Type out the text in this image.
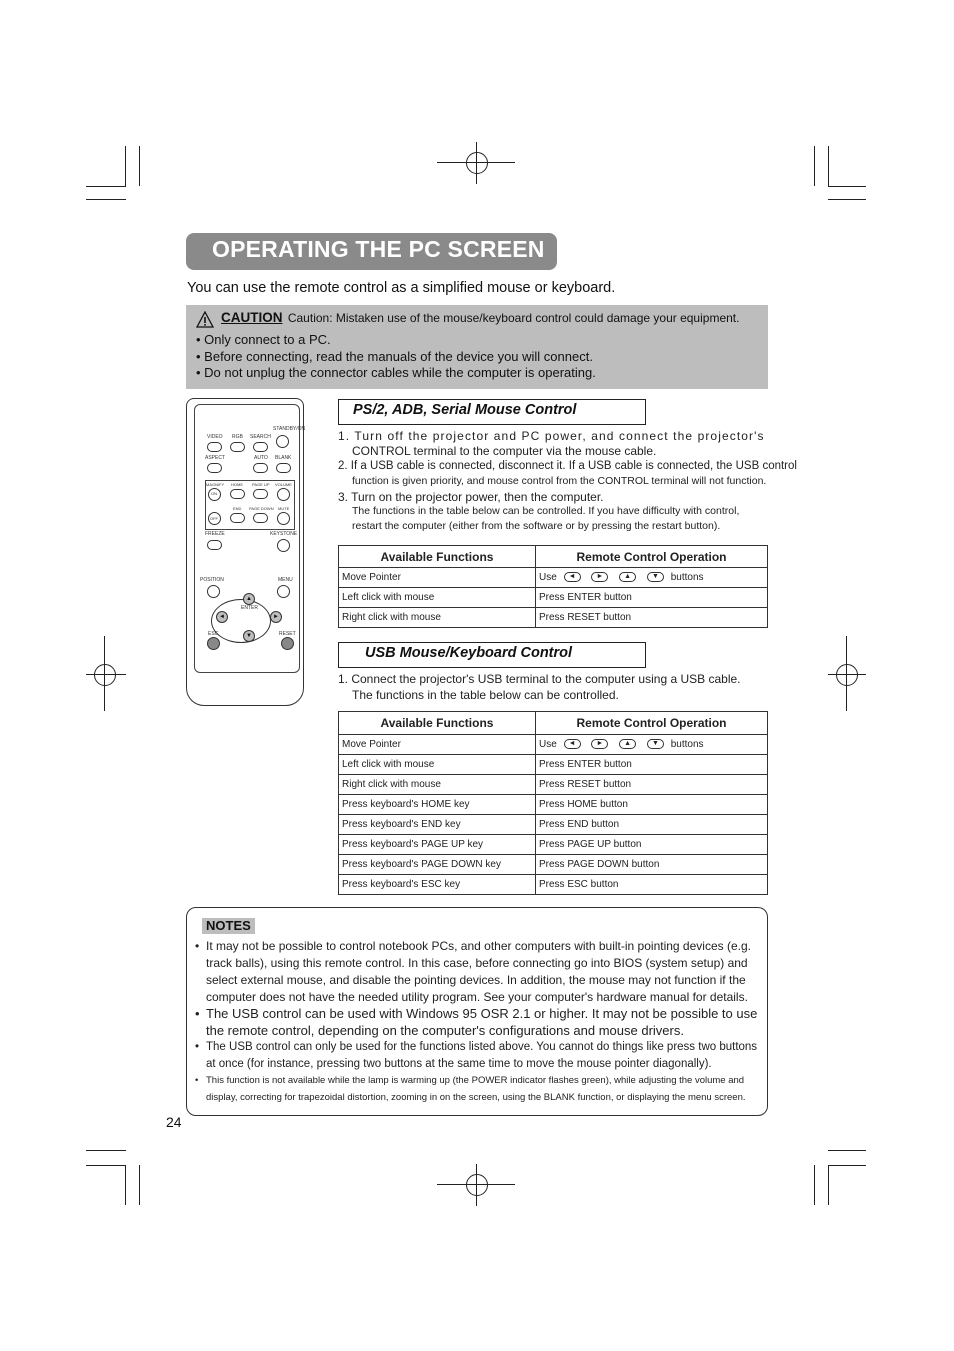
OPERATING THE PC SCREEN
You can use the remote control as a simplified mouse or keyboard.
CAUTION Caution: Mistaken use of the mouse/keyboard control could damage your equipment.
• Only connect to a PC.
• Before connecting, read the manuals of the device you will connect.
• Do not unplug the connector cables while the computer is operating.
STANDBY/ON
VIDEO RGB SEARCH
ASPECT	AUTO BLANK
MAGNIFY HOME PAGE UP VOLUME
ON
END PAGE DOWN MUTE
OFF
FREEZE	KEYSTONE
POSITION	MENU
ENTER
▲
▼
◄	►
ESC	RESET
PS/2, ADB, Serial Mouse Control
1. Turn off the projector and PC power, and connect the projector's
CONTROL terminal to the computer via the mouse cable.
2. If a USB cable is connected, disconnect it. If a USB cable is connected, the USB control
function is given priority, and mouse control from the CONTROL terminal will not function.
3. Turn on the projector power, then the computer.
The functions in the table below can be controlled. If you have difficulty with control,
restart the computer (either from the software or by pressing the restart button).
Available Functions	Remote Control Operation
Move Pointer	Use ◄ ► ▲ ▼ buttons
Left click with mouse	Press ENTER button
Right click with mouse	Press RESET button
USB Mouse/Keyboard Control
1. Connect the projector's USB terminal to the computer using a USB cable.
The functions in the table below can be controlled.
Available Functions	Remote Control Operation
Move Pointer	Use ◄ ► ▲ ▼ buttons
Left click with mouse	Press ENTER button
Right click with mouse	Press RESET button
Press keyboard's HOME key	Press HOME button
Press keyboard's END key	Press END button
Press keyboard's PAGE UP key	Press PAGE UP button
Press keyboard's PAGE DOWN key	Press PAGE DOWN button
Press keyboard's ESC key	Press ESC button
NOTES
• It may not be possible to control notebook PCs, and other computers with built-in pointing devices (e.g. track balls), using this remote control. In this case, before connecting go into BIOS (system setup) and select external mouse, and disable the pointing devices. In addition, the mouse may not function if the computer does not have the needed utility program. See your computer's hardware manual for details.
• The USB control can be used with Windows 95 OSR 2.1 or higher. It may not be possible to use the remote control, depending on the computer's configurations and mouse drivers.
• The USB control can only be used for the functions listed above. You cannot do things like press two buttons at once (for instance, pressing two buttons at the same time to move the mouse pointer diagonally).
• This function is not available while the lamp is warming up (the POWER indicator flashes green), while adjusting the volume and display, correcting for trapezoidal distortion, zooming in on the screen, using the BLANK function, or displaying the menu screen.
24
